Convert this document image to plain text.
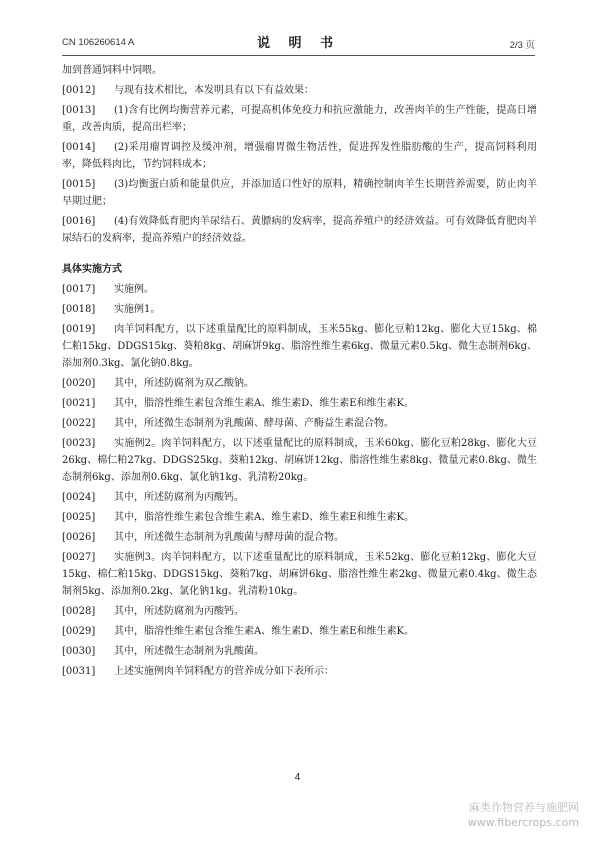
CN 106260614 A	说 明 书	2/3 页

加到普通饲料中饲喂。

[0012] 与现有技术相比，本发明具有以下有益效果：

[0013] (1)含有比例均衡营养元素，可提高机体免疫力和抗应激能力，改善肉羊的生产性能，提高日增重，改善肉质，提高出栏率；

[0014] (2)采用瘤胃调控及缓冲剂，增强瘤胃微生物活性，促进挥发性脂肪酸的生产，提高饲料利用率，降低料肉比，节约饲料成本；

[0015] (3)均衡蛋白质和能量供应，并添加适口性好的原料，精确控制肉羊生长期营养需要，防止肉羊早期过肥；

[0016] (4)有效降低育肥肉羊尿结石、黄膘病的发病率，提高养殖户的经济效益。可有效降低育肥肉羊尿结石的发病率，提高养殖户的经济效益。

具体实施方式

[0017] 实施例。

[0018] 实施例1。

[0019] 肉羊饲料配方，以下述重量配比的原料制成，玉米55kg、膨化豆粕12kg、膨化大豆15kg、棉仁粕15kg、DDGS15kg、葵粕8kg、胡麻饼9kg、脂溶性维生素6kg、微量元素0.5kg、微生态制剂6kg、添加剂0.3kg、氯化钠0.8kg。

[0020] 其中，所述防腐剂为双乙酸钠。

[0021] 其中，脂溶性维生素包含维生素A、维生素D、维生素E和维生素K。

[0022] 其中，所述微生态制剂为乳酸菌、酵母菌、产酶益生素混合物。

[0023] 实施例2。肉羊饲料配方，以下述重量配比的原料制成，玉米60kg、膨化豆粕28kg、膨化大豆26kg、棉仁粕27kg、DDGS25kg、葵粕12kg、胡麻饼12kg、脂溶性维生素8kg、微量元素0.8kg、微生态制剂6kg、添加剂0.6kg、氯化钠1kg、乳清粉20kg。

[0024] 其中，所述防腐剂为丙酸钙。

[0025] 其中，脂溶性维生素包含维生素A、维生素D、维生素E和维生素K。

[0026] 其中，所述微生态制剂为乳酸菌与酵母菌的混合物。

[0027] 实施例3。肉羊饲料配方，以下述重量配比的原料制成，玉米52kg、膨化豆粕12kg、膨化大豆15kg、棉仁粕15kg、DDGS15kg、葵粕7kg、胡麻饼6kg、脂溶性维生素2kg、微量元素0.4kg、微生态制剂5kg、添加剂0.2kg、氯化钠1kg、乳清粉10kg。

[0028] 其中，所述防腐剂为丙酸钙。

[0029] 其中，脂溶性维生素包含维生素A、维生素D、维生素E和维生素K。

[0030] 其中，所述微生态制剂为乳酸菌。

[0031] 上述实施例肉羊饲料配方的营养成分如下表所示：

4
麻类作物营养与施肥网
www.fibercrops.com
